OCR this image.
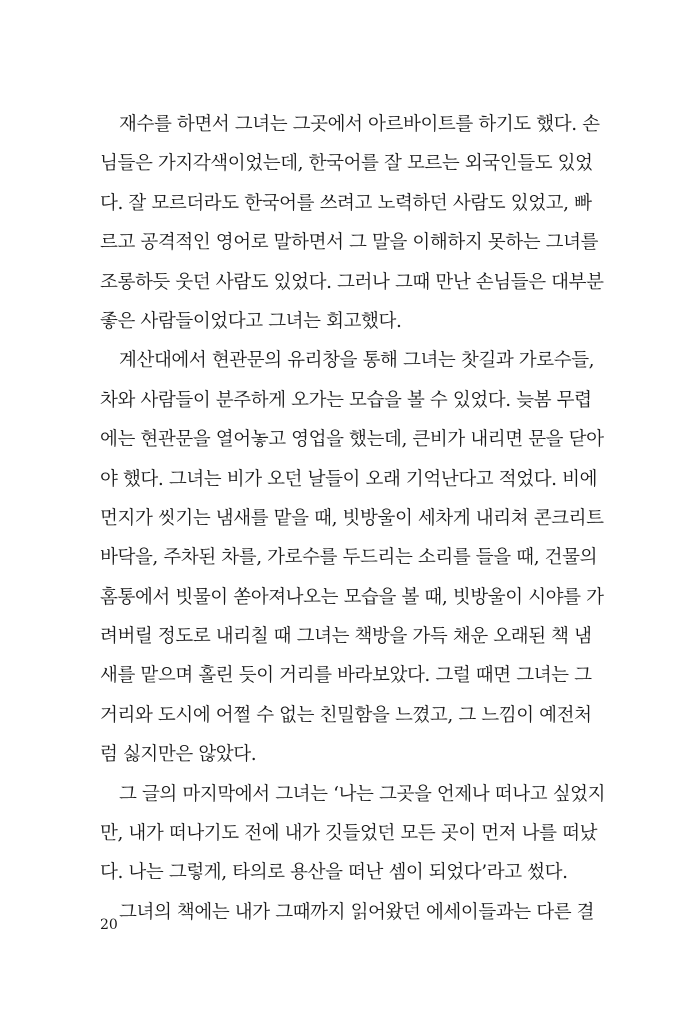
재수를 하면서 그녀는 그곳에서 아르바이트를 하기도 했다. 손
님들은 가지각색이었는데, 한국어를 잘 모르는 외국인들도 있었
다. 잘 모르더라도 한국어를 쓰려고 노력하던 사람도 있었고, 빠
르고 공격적인 영어로 말하면서 그 말을 이해하지 못하는 그녀를
조롱하듯 웃던 사람도 있었다. 그러나 그때 만난 손님들은 대부분
좋은 사람들이었다고 그녀는 회고했다.
계산대에서 현관문의 유리창을 통해 그녀는 찻길과 가로수들,
차와 사람들이 분주하게 오가는 모습을 볼 수 있었다. 늦봄 무렵
에는 현관문을 열어놓고 영업을 했는데, 큰비가 내리면 문을 닫아
야 했다. 그녀는 비가 오던 날들이 오래 기억난다고 적었다. 비에
먼지가 씻기는 냄새를 맡을 때, 빗방울이 세차게 내리쳐 콘크리트
바닥을, 주차된 차를, 가로수를 두드리는 소리를 들을 때, 건물의
홈통에서 빗물이 쏟아져나오는 모습을 볼 때, 빗방울이 시야를 가
려버릴 정도로 내리칠 때 그녀는 책방을 가득 채운 오래된 책 냄
새를 맡으며 홀린 듯이 거리를 바라보았다. 그럴 때면 그녀는 그
거리와 도시에 어쩔 수 없는 친밀함을 느꼈고, 그 느낌이 예전처
럼 싫지만은 않았다.
그 글의 마지막에서 그녀는 ‘나는 그곳을 언제나 떠나고 싶었지
만, 내가 떠나기도 전에 내가 깃들었던 모든 곳이 먼저 나를 떠났
다. 나는 그렇게, 타의로 용산을 떠난 셈이 되었다’라고 썼다.
그녀의 책에는 내가 그때까지 읽어왔던 에세이들과는 다른 결
20
